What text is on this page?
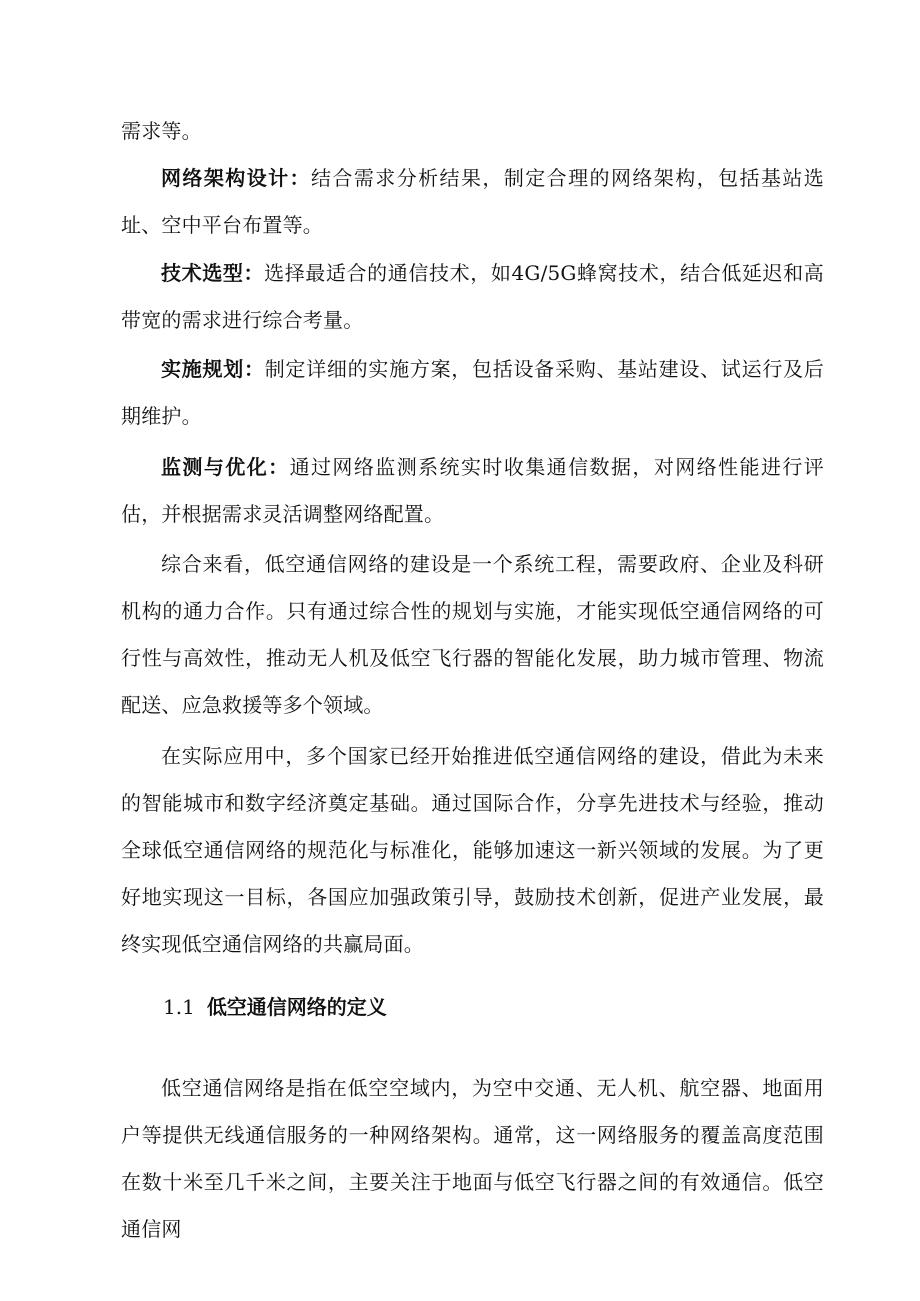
需求等。

网络架构设计：结合需求分析结果，制定合理的网络架构，包括基站选址、空中平台布置等。

技术选型：选择最适合的通信技术，如4G/5G蜂窝技术，结合低延迟和高带宽的需求进行综合考量。

实施规划：制定详细的实施方案，包括设备采购、基站建设、试运行及后期维护。

监测与优化：通过网络监测系统实时收集通信数据，对网络性能进行评估，并根据需求灵活调整网络配置。

综合来看，低空通信网络的建设是一个系统工程，需要政府、企业及科研机构的通力合作。只有通过综合性的规划与实施，才能实现低空通信网络的可行性与高效性，推动无人机及低空飞行器的智能化发展，助力城市管理、物流配送、应急救援等多个领域。

在实际应用中，多个国家已经开始推进低空通信网络的建设，借此为未来的智能城市和数字经济奠定基础。通过国际合作，分享先进技术与经验，推动全球低空通信网络的规范化与标准化，能够加速这一新兴领域的发展。为了更好地实现这一目标，各国应加强政策引导，鼓励技术创新，促进产业发展，最终实现低空通信网络的共赢局面。

1.1 低空通信网络的定义

低空通信网络是指在低空空域内，为空中交通、无人机、航空器、地面用户等提供无线通信服务的一种网络架构。通常，这一网络服务的覆盖高度范围在数十米至几千米之间，主要关注于地面与低空飞行器之间的有效通信。低空通信网
